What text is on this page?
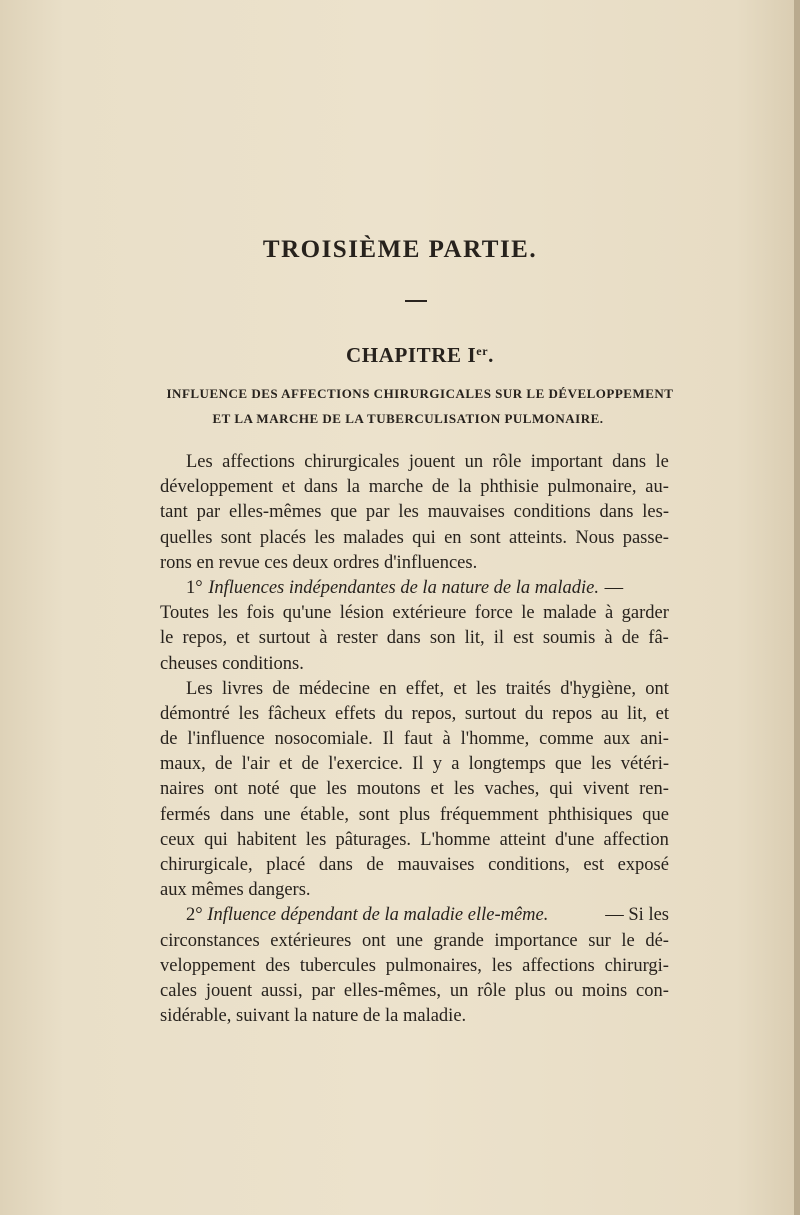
TROISIÈME PARTIE.
CHAPITRE Ier.
INFLUENCE DES AFFECTIONS CHIRURGICALES SUR LE DÉVELOPPEMENT
ET LA MARCHE DE LA TUBERCULISATION PULMONAIRE.
Les affections chirurgicales jouent un rôle important dans le
développement et dans la marche de la phthisie pulmonaire, au-
tant par elles-mêmes que par les mauvaises conditions dans les-
quelles sont placés les malades qui en sont atteints. Nous passe-
rons en revue ces deux ordres d'influences.
1° Influences indépendantes de la nature de la maladie. —
Toutes les fois qu'une lésion extérieure force le malade à garder
le repos, et surtout à rester dans son lit, il est soumis à de fâ-
cheuses conditions.
Les livres de médecine en effet, et les traités d'hygiène, ont
démontré les fâcheux effets du repos, surtout du repos au lit, et
de l'influence nosocomiale. Il faut à l'homme, comme aux ani-
maux, de l'air et de l'exercice. Il y a longtemps que les vétéri-
naires ont noté que les moutons et les vaches, qui vivent ren-
fermés dans une étable, sont plus fréquemment phthisiques que
ceux qui habitent les pâturages. L'homme atteint d'une affection
chirurgicale, placé dans de mauvaises conditions, est exposé
aux mêmes dangers.
2° Influence dépendant de la maladie elle-même.	— Si les
circonstances extérieures ont une grande importance sur le dé-
veloppement des tubercules pulmonaires, les affections chirurgi-
cales jouent aussi, par elles-mêmes, un rôle plus ou moins con-
sidérable, suivant la nature de la maladie.
